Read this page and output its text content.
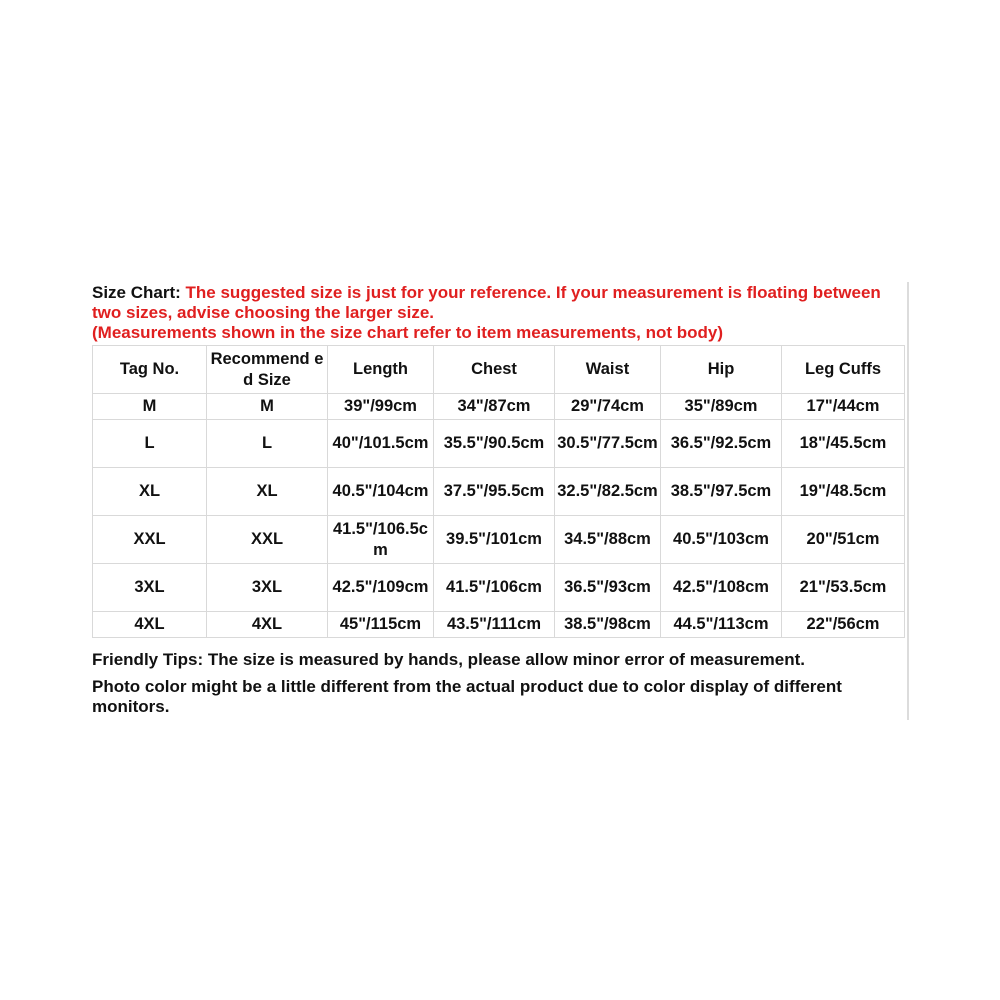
Size Chart: The suggested size is just for your reference. If your measurement is floating between two sizes, advise choosing the larger size.

(Measurements shown in the size chart refer to item measurements, not body)

Tag No.	Recommend ed Size	Length	Chest	Waist	Hip	Leg Cuffs
M	M	39"/99cm	34"/87cm	29"/74cm	35"/89cm	17"/44cm
L	L	40"/101.5cm	35.5"/90.5cm	30.5"/77.5cm	36.5"/92.5cm	18"/45.5cm
XL	XL	40.5"/104cm	37.5"/95.5cm	32.5"/82.5cm	38.5"/97.5cm	19"/48.5cm
XXL	XXL	41.5"/106.5cm	39.5"/101cm	34.5"/88cm	40.5"/103cm	20"/51cm
3XL	3XL	42.5"/109cm	41.5"/106cm	36.5"/93cm	42.5"/108cm	21"/53.5cm
4XL	4XL	45"/115cm	43.5"/111cm	38.5"/98cm	44.5"/113cm	22"/56cm

Friendly Tips: The size is measured by hands, please allow minor error of measurement.

Photo color might be a little different from the actual product due to color display of different monitors.
